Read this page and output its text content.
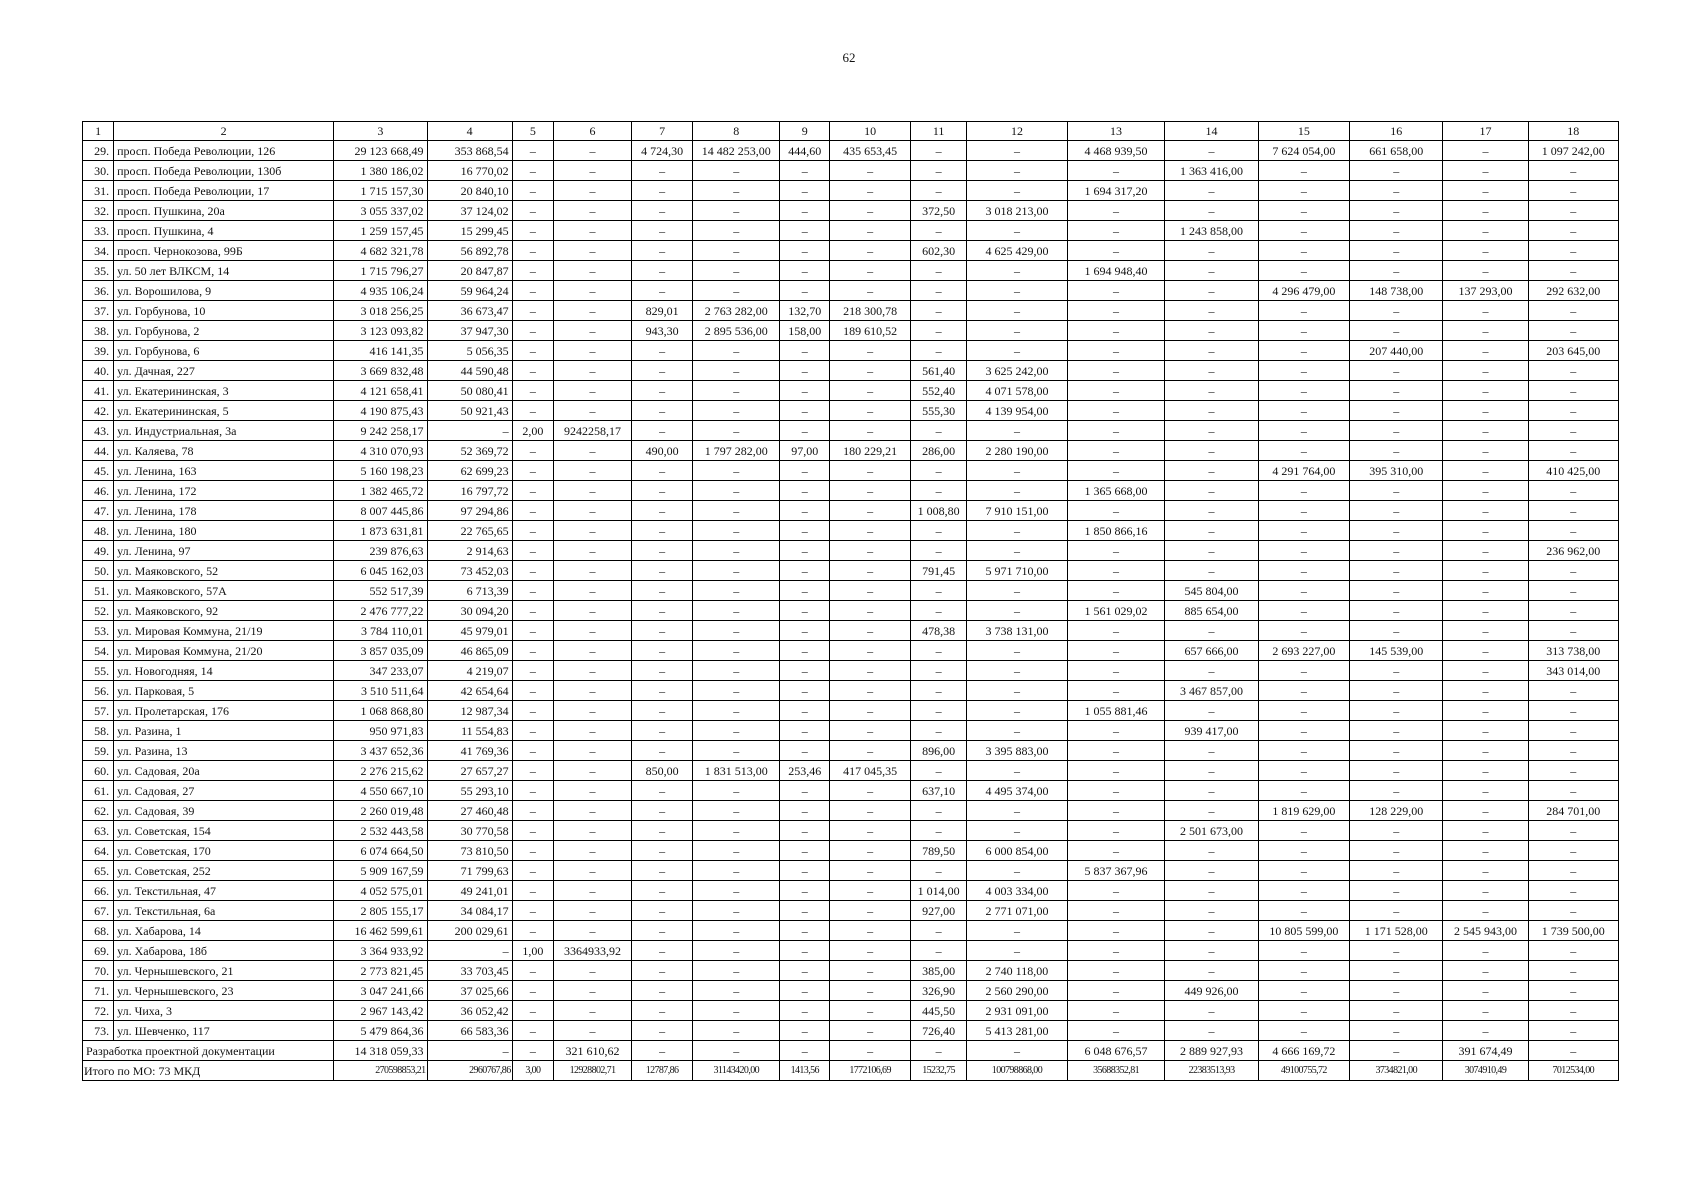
62
1	2	3	4	5	6	7	8	9	10	11	12	13	14	15	16	17	18
29.	просп. Победа Революции, 126	29 123 668,49	353 868,54	–	–	4 724,30	14 482 253,00	444,60	435 653,45	–	–	4 468 939,50	–	7 624 054,00	661 658,00	–	1 097 242,00
30.	просп. Победа Революции, 130б	1 380 186,02	16 770,02	–	–	–	–	–	–	–	–	–	1 363 416,00	–	–	–	–
31.	просп. Победа Революции, 17	1 715 157,30	20 840,10	–	–	–	–	–	–	–	–	1 694 317,20	–	–	–	–	–
32.	просп. Пушкина, 20а	3 055 337,02	37 124,02	–	–	–	–	–	–	372,50	3 018 213,00	–	–	–	–	–	–
33.	просп. Пушкина, 4	1 259 157,45	15 299,45	–	–	–	–	–	–	–	–	–	1 243 858,00	–	–	–	–
34.	просп. Чернокозова, 99Б	4 682 321,78	56 892,78	–	–	–	–	–	–	602,30	4 625 429,00	–	–	–	–	–	–
35.	ул. 50 лет ВЛКСМ, 14	1 715 796,27	20 847,87	–	–	–	–	–	–	–	–	1 694 948,40	–	–	–	–	–
36.	ул. Ворошилова, 9	4 935 106,24	59 964,24	–	–	–	–	–	–	–	–	–	–	4 296 479,00	148 738,00	137 293,00	292 632,00
37.	ул. Горбунова, 10	3 018 256,25	36 673,47	–	–	829,01	2 763 282,00	132,70	218 300,78	–	–	–	–	–	–	–	–
38.	ул. Горбунова, 2	3 123 093,82	37 947,30	–	–	943,30	2 895 536,00	158,00	189 610,52	–	–	–	–	–	–	–	–
39.	ул. Горбунова, 6	416 141,35	5 056,35	–	–	–	–	–	–	–	–	–	–	–	207 440,00	–	203 645,00
40.	ул. Дачная, 227	3 669 832,48	44 590,48	–	–	–	–	–	–	561,40	3 625 242,00	–	–	–	–	–	–
41.	ул. Екатерининская, 3	4 121 658,41	50 080,41	–	–	–	–	–	–	552,40	4 071 578,00	–	–	–	–	–	–
42.	ул. Екатерининская, 5	4 190 875,43	50 921,43	–	–	–	–	–	–	555,30	4 139 954,00	–	–	–	–	–	–
43.	ул. Индустриальная, 3а	9 242 258,17	–	2,00	9242258,17	–	–	–	–	–	–	–	–	–	–	–	–
44.	ул. Каляева, 78	4 310 070,93	52 369,72	–	–	490,00	1 797 282,00	97,00	180 229,21	286,00	2 280 190,00	–	–	–	–	–	–
45.	ул. Ленина, 163	5 160 198,23	62 699,23	–	–	–	–	–	–	–	–	–	–	4 291 764,00	395 310,00	–	410 425,00
46.	ул. Ленина, 172	1 382 465,72	16 797,72	–	–	–	–	–	–	–	–	1 365 668,00	–	–	–	–	–
47.	ул. Ленина, 178	8 007 445,86	97 294,86	–	–	–	–	–	–	1 008,80	7 910 151,00	–	–	–	–	–	–
48.	ул. Ленина, 180	1 873 631,81	22 765,65	–	–	–	–	–	–	–	–	1 850 866,16	–	–	–	–	–
49.	ул. Ленина, 97	239 876,63	2 914,63	–	–	–	–	–	–	–	–	–	–	–	–	–	236 962,00
50.	ул. Маяковского, 52	6 045 162,03	73 452,03	–	–	–	–	–	–	791,45	5 971 710,00	–	–	–	–	–	–
51.	ул. Маяковского, 57А	552 517,39	6 713,39	–	–	–	–	–	–	–	–	–	545 804,00	–	–	–	–
52.	ул. Маяковского, 92	2 476 777,22	30 094,20	–	–	–	–	–	–	–	–	1 561 029,02	885 654,00	–	–	–	–
53.	ул. Мировая Коммуна, 21/19	3 784 110,01	45 979,01	–	–	–	–	–	–	478,38	3 738 131,00	–	–	–	–	–	–
54.	ул. Мировая Коммуна, 21/20	3 857 035,09	46 865,09	–	–	–	–	–	–	–	–	–	657 666,00	2 693 227,00	145 539,00	–	313 738,00
55.	ул. Новогодняя, 14	347 233,07	4 219,07	–	–	–	–	–	–	–	–	–	–	–	–	–	343 014,00
56.	ул. Парковая, 5	3 510 511,64	42 654,64	–	–	–	–	–	–	–	–	–	3 467 857,00	–	–	–	–
57.	ул. Пролетарская, 176	1 068 868,80	12 987,34	–	–	–	–	–	–	–	–	1 055 881,46	–	–	–	–	–
58.	ул. Разина, 1	950 971,83	11 554,83	–	–	–	–	–	–	–	–	–	939 417,00	–	–	–	–
59.	ул. Разина, 13	3 437 652,36	41 769,36	–	–	–	–	–	–	896,00	3 395 883,00	–	–	–	–	–	–
60.	ул. Садовая, 20а	2 276 215,62	27 657,27	–	–	850,00	1 831 513,00	253,46	417 045,35	–	–	–	–	–	–	–	–
61.	ул. Садовая, 27	4 550 667,10	55 293,10	–	–	–	–	–	–	637,10	4 495 374,00	–	–	–	–	–	–
62.	ул. Садовая, 39	2 260 019,48	27 460,48	–	–	–	–	–	–	–	–	–	–	1 819 629,00	128 229,00	–	284 701,00
63.	ул. Советская, 154	2 532 443,58	30 770,58	–	–	–	–	–	–	–	–	–	2 501 673,00	–	–	–	–
64.	ул. Советская, 170	6 074 664,50	73 810,50	–	–	–	–	–	–	789,50	6 000 854,00	–	–	–	–	–	–
65.	ул. Советская, 252	5 909 167,59	71 799,63	–	–	–	–	–	–	–	–	5 837 367,96	–	–	–	–	–
66.	ул. Текстильная, 47	4 052 575,01	49 241,01	–	–	–	–	–	–	1 014,00	4 003 334,00	–	–	–	–	–	–
67.	ул. Текстильная, 6а	2 805 155,17	34 084,17	–	–	–	–	–	–	927,00	2 771 071,00	–	–	–	–	–	–
68.	ул. Хабарова, 14	16 462 599,61	200 029,61	–	–	–	–	–	–	–	–	–	–	10 805 599,00	1 171 528,00	2 545 943,00	1 739 500,00
69.	ул. Хабарова, 18б	3 364 933,92	–	1,00	3364933,92	–	–	–	–	–	–	–	–	–	–	–	–
70.	ул. Чернышевского, 21	2 773 821,45	33 703,45	–	–	–	–	–	–	385,00	2 740 118,00	–	–	–	–	–	–
71.	ул. Чернышевского, 23	3 047 241,66	37 025,66	–	–	–	–	–	–	326,90	2 560 290,00	–	449 926,00	–	–	–	–
72.	ул. Чиха, 3	2 967 143,42	36 052,42	–	–	–	–	–	–	445,50	2 931 091,00	–	–	–	–	–	–
73.	ул. Шевченко, 117	5 479 864,36	66 583,36	–	–	–	–	–	–	726,40	5 413 281,00	–	–	–	–	–	–
Разработка проектной документации		14 318 059,33	–	–	321 610,62	–	–	–	–	–	–	6 048 676,57	2 889 927,93	4 666 169,72	–	391 674,49	–
Итого по МО: 73 МКД		270598853,21	2960767,86	3,00	12928802,71	12787,86	31143420,00	1413,56	1772106,69	15232,75	100798868,00	35688352,81	22383513,93	49100755,72	3734821,00	3074910,49	7012534,00
